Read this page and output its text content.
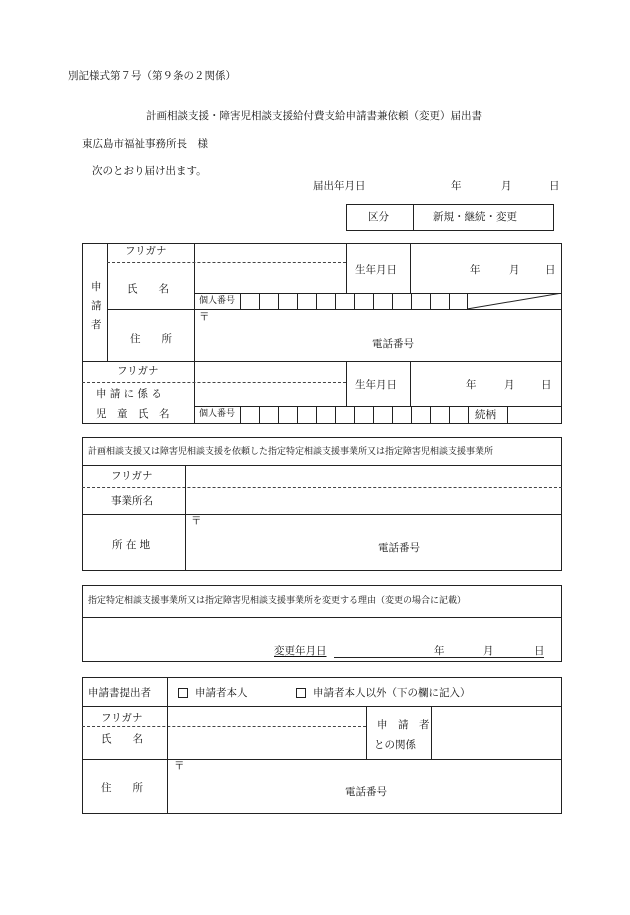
別記様式第７号（第９条の２関係）
計画相談支援・障害児相談支援給付費支給申請書兼依頼（変更）届出書
東広島市福祉事務所長　様
次のとおり届け出ます。
届出年月日	年	月	日
区分	新規・継続・変更
申
請
者
フリガナ
氏　　名
生年月日	年	月 日
個人番号
〒
住　　所	電話番号
フリガナ
申 請 に 係 る
児　童　氏　名
生年月日	年	月	日
個人番号	続柄
計画相談支援又は障害児相談支援を依頼した指定特定相談支援事業所又は指定障害児相談支援事業所
フリガナ
事業所名
〒
所 在 地	電話番号
指定特定相談支援事業所又は指定障害児相談支援事業所を変更する理由（変更の場合に記載）
変更年月日	年	月	日
申請書提出者	申請者本人	申請者本人以外（下の欄に記入）
フリガナ
氏　　名
申　請　者
との関係
〒
住　　所	電話番号
